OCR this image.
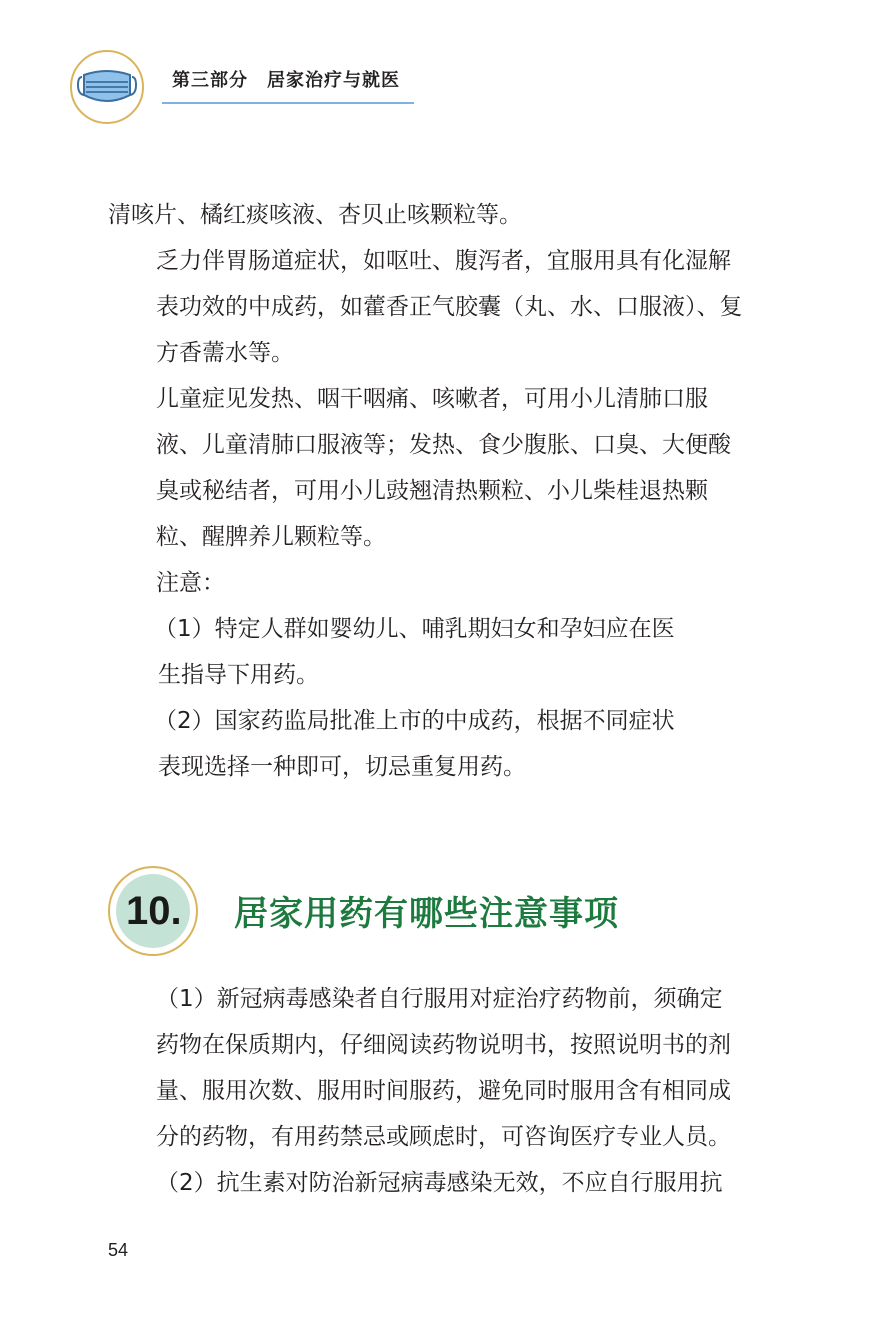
第三部分　居家治疗与就医

清咳片、橘红痰咳液、杏贝止咳颗粒等。

乏力伴胃肠道症状，如呕吐、腹泻者，宜服用具有化湿解表功效的中成药，如藿香正气胶囊（丸、水、口服液）、复方香薷水等。

儿童症见发热、咽干咽痛、咳嗽者，可用小儿清肺口服液、儿童清肺口服液等；发热、食少腹胀、口臭、大便酸臭或秘结者，可用小儿豉翘清热颗粒、小儿柴桂退热颗粒、醒脾养儿颗粒等。

注意：

（1）特定人群如婴幼儿、哺乳期妇女和孕妇应在医

生指导下用药。

（2）国家药监局批准上市的中成药，根据不同症状

表现选择一种即可，切忌重复用药。

10. 居家用药有哪些注意事项

（1）新冠病毒感染者自行服用对症治疗药物前，须确定药物在保质期内，仔细阅读药物说明书，按照说明书的剂量、服用次数、服用时间服药，避免同时服用含有相同成分的药物，有用药禁忌或顾虑时，可咨询医疗专业人员。

（2）抗生素对防治新冠病毒感染无效，不应自行服用抗

54
